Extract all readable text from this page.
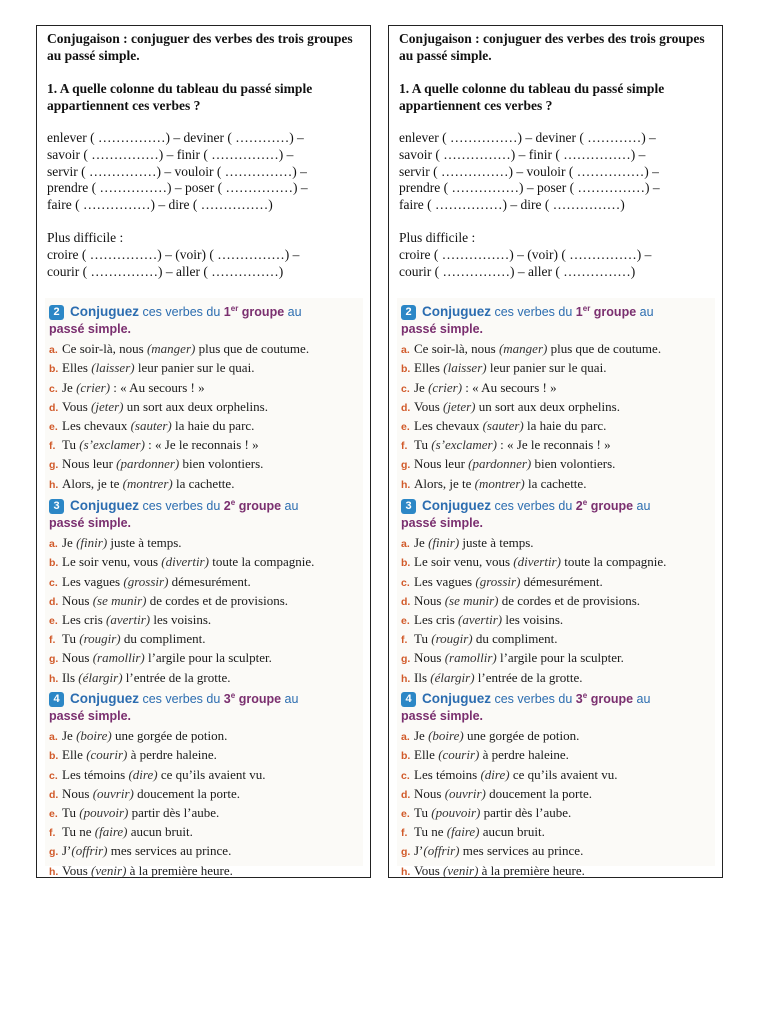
Conjugaison : conjuguer des verbes des trois groupes au passé simple.

1. A quelle colonne du tableau du passé simple appartiennent ces verbes ?

enlever ( ……………) – deviner ( …………) –
savoir ( ……………) – finir ( ……………) –
servir ( ……………) – vouloir ( ……………) –
prendre ( ……………) – poser ( ……………) –
faire ( ……………) – dire ( ……………)
Plus difficile :
croire ( ……………) – (voir) ( ……………) –
courir ( ……………) – aller ( ……………)
2 Conjuguez ces verbes du 1er groupe au
passé simple.
a. Ce soir-là, nous (manger) plus que de coutume.
b. Elles (laisser) leur panier sur le quai.
c. Je (crier) : « Au secours ! »
d. Vous (jeter) un sort aux deux orphelins.
e. Les chevaux (sauter) la haie du parc.
f. Tu (s’exclamer) : « Je le reconnais ! »
g. Nous leur (pardonner) bien volontiers.
h. Alors, je te (montrer) la cachette.
3 Conjuguez ces verbes du 2e groupe au
passé simple.
a. Je (finir) juste à temps.
b. Le soir venu, vous (divertir) toute la compagnie.
c. Les vagues (grossir) démesurément.
d. Nous (se munir) de cordes et de provisions.
e. Les cris (avertir) les voisins.
f. Tu (rougir) du compliment.
g. Nous (ramollir) l’argile pour la sculpter.
h. Ils (élargir) l’entrée de la grotte.
4 Conjuguez ces verbes du 3e groupe au
passé simple.
a. Je (boire) une gorgée de potion.
b. Elle (courir) à perdre haleine.
c. Les témoins (dire) ce qu’ils avaient vu.
d. Nous (ouvrir) doucement la porte.
e. Tu (pouvoir) partir dès l’aube.
f. Tu ne (faire) aucun bruit.
g. J’(offrir) mes services au prince.
h. Vous (venir) à la première heure.

Conjugaison : conjuguer des verbes des trois groupes au passé simple.

1. A quelle colonne du tableau du passé simple appartiennent ces verbes ?

enlever ( ……………) – deviner ( …………) –
savoir ( ……………) – finir ( ……………) –
servir ( ……………) – vouloir ( ……………) –
prendre ( ……………) – poser ( ……………) –
faire ( ……………) – dire ( ……………)
Plus difficile :
croire ( ……………) – (voir) ( ……………) –
courir ( ……………) – aller ( ……………)
2 Conjuguez ces verbes du 1er groupe au
passé simple.
a. Ce soir-là, nous (manger) plus que de coutume.
b. Elles (laisser) leur panier sur le quai.
c. Je (crier) : « Au secours ! »
d. Vous (jeter) un sort aux deux orphelins.
e. Les chevaux (sauter) la haie du parc.
f. Tu (s’exclamer) : « Je le reconnais ! »
g. Nous leur (pardonner) bien volontiers.
h. Alors, je te (montrer) la cachette.
3 Conjuguez ces verbes du 2e groupe au
passé simple.
a. Je (finir) juste à temps.
b. Le soir venu, vous (divertir) toute la compagnie.
c. Les vagues (grossir) démesurément.
d. Nous (se munir) de cordes et de provisions.
e. Les cris (avertir) les voisins.
f. Tu (rougir) du compliment.
g. Nous (ramollir) l’argile pour la sculpter.
h. Ils (élargir) l’entrée de la grotte.
4 Conjuguez ces verbes du 3e groupe au
passé simple.
a. Je (boire) une gorgée de potion.
b. Elle (courir) à perdre haleine.
c. Les témoins (dire) ce qu’ils avaient vu.
d. Nous (ouvrir) doucement la porte.
e. Tu (pouvoir) partir dès l’aube.
f. Tu ne (faire) aucun bruit.
g. J’(offrir) mes services au prince.
h. Vous (venir) à la première heure.
